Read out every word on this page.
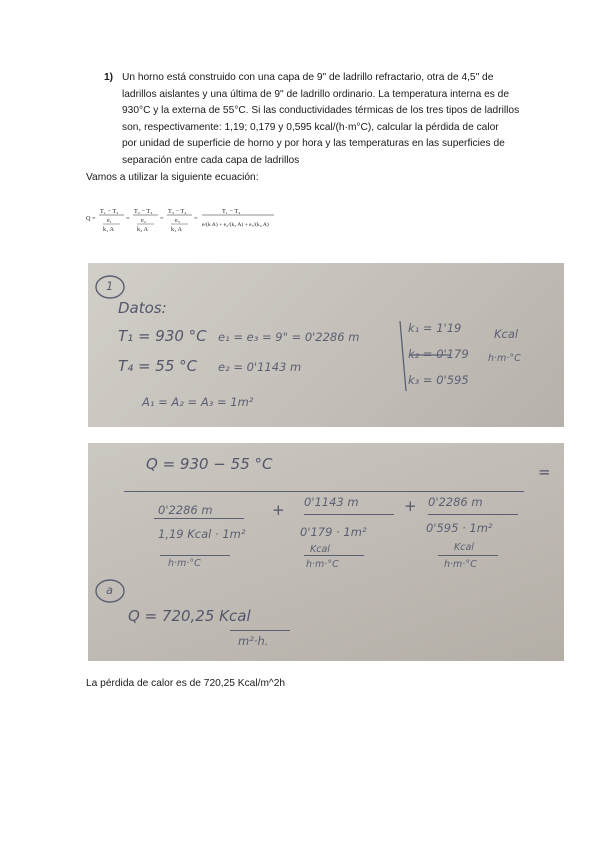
1) Un horno está construido con una capa de 9" de ladrillo refractario, otra de 4,5" de
ladrillos aislantes y una última de 9" de ladrillo ordinario. La temperatura interna es de
930°C y la externa de 55°C. Si las conductividades térmicas de los tres tipos de ladrillos
son, respectivamente: 1,19; 0,179 y 0,595 kcal/(h·m°C), calcular la pérdida de calor
por unidad de superficie de horno y por hora y las temperaturas en las superficies de
separación entre cada capa de ladrillos
Vamos a utilizar la siguiente ecuación:
Q =
T₁ − T₂
e₁
k₁ A
=
T₂ − T₃
e₂
k₂ A
=
T₃ − T₄
e₃
k₁ A
=
T₁ − T₄
e/(k A) + e₂/(k₂ A) + e₃/(k₃ A)
1
Datos:
T₁ = 930 °C
T₄ = 55 °C
e₁ = e₃ = 9" = 0'2286 m
e₂ = 0'1143 m
k₁ = 1'19
k₂ = 0'179
k₃ = 0'595
Kcal
h·m·°C
A₁ = A₂ = A₃ = 1m²
Q = 930 − 55 °C	=
0'2286 m
1,19 Kcal · 1m²
h·m·°C
+ 0'1143 m
0'179 · 1m²
Kcal
h·m·°C
+ 0'2286 m
0'595 · 1m²
Kcal
h·m·°C
a
Q = 720,25 Kcal
m²·h.
La pérdida de calor es de 720,25 Kcal/m^2h
